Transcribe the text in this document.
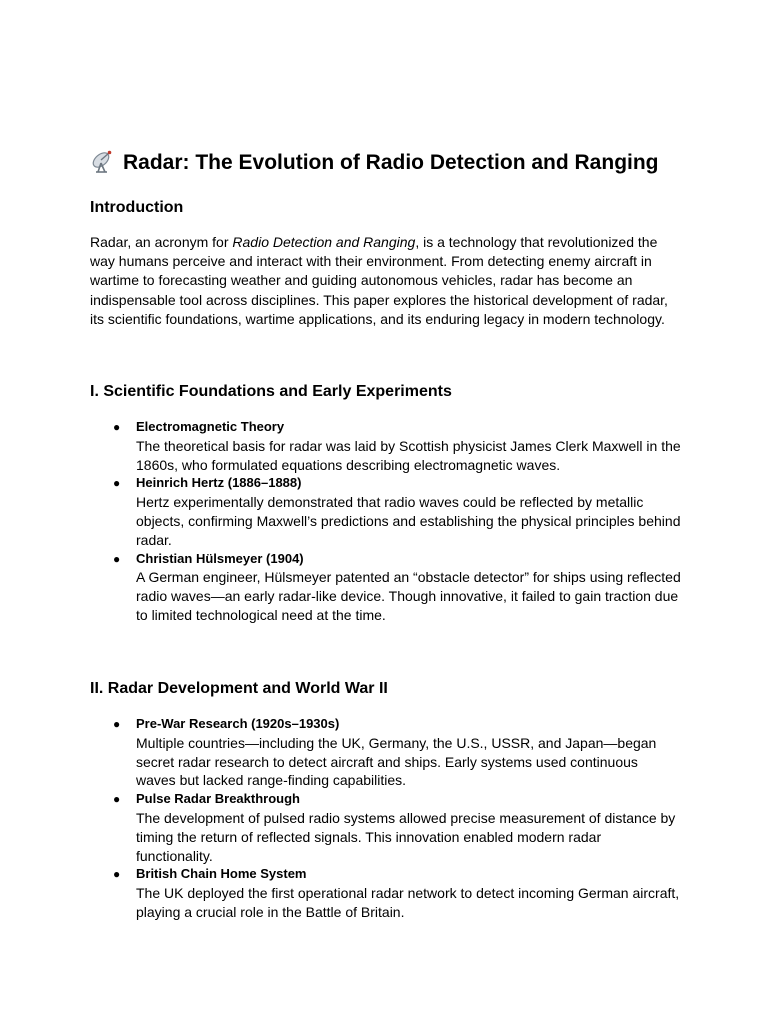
Radar: The Evolution of Radio Detection and Ranging
Introduction

Radar, an acronym for Radio Detection and Ranging, is a technology that revolutionized the way humans perceive and interact with their environment. From detecting enemy aircraft in wartime to forecasting weather and guiding autonomous vehicles, radar has become an indispensable tool across disciplines. This paper explores the historical development of radar, its scientific foundations, wartime applications, and its enduring legacy in modern technology.

I. Scientific Foundations and Early Experiments
● Electromagnetic Theory
The theoretical basis for radar was laid by Scottish physicist James Clerk Maxwell in the 1860s, who formulated equations describing electromagnetic waves.
● Heinrich Hertz (1886–1888)
Hertz experimentally demonstrated that radio waves could be reflected by metallic objects, confirming Maxwell’s predictions and establishing the physical principles behind radar.
● Christian Hülsmeyer (1904)
A German engineer, Hülsmeyer patented an “obstacle detector” for ships using reflected radio waves—an early radar-like device. Though innovative, it failed to gain traction due to limited technological need at the time.
II. Radar Development and World War II
● Pre-War Research (1920s–1930s)
Multiple countries—including the UK, Germany, the U.S., USSR, and Japan—began secret radar research to detect aircraft and ships. Early systems used continuous waves but lacked range-finding capabilities.
● Pulse Radar Breakthrough
The development of pulsed radio systems allowed precise measurement of distance by timing the return of reflected signals. This innovation enabled modern radar functionality.
● British Chain Home System
The UK deployed the first operational radar network to detect incoming German aircraft, playing a crucial role in the Battle of Britain.
